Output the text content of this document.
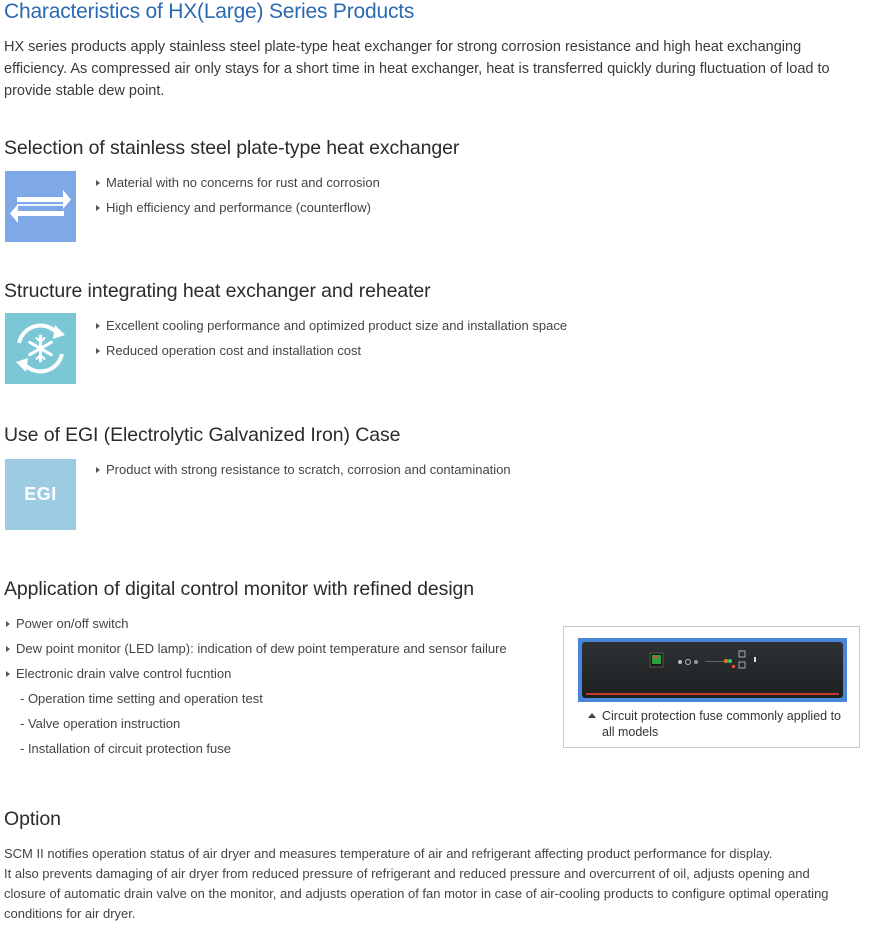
Characteristics of HX(Large) Series Products
HX series products apply stainless steel plate-type heat exchanger for strong corrosion resistance and high heat exchanging efficiency. As compressed air only stays for a short time in heat exchanger, heat is transferred quickly during fluctuation of load to provide stable dew point.
Selection of stainless steel plate-type heat exchanger
Material with no concerns for rust and corrosion
High efficiency and performance (counterflow)
Structure integrating heat exchanger and reheater
Excellent cooling performance and optimized product size and installation space
Reduced operation cost and installation cost
Use of EGI (Electrolytic Galvanized Iron) Case
EGI
Product with strong resistance to scratch, corrosion and contamination
Application of digital control monitor with refined design
Power on/off switch
Dew point monitor (LED lamp): indication of dew point temperature and sensor failure
Electronic drain valve control fucntion
- Operation time setting and operation test
- Valve operation instruction
- Installation of circuit protection fuse
Circuit protection fuse commonly applied to all models
Option
SCM II notifies operation status of air dryer and measures temperature of air and refrigerant affecting product performance for display.
It also prevents damaging of air dryer from reduced pressure of refrigerant and reduced pressure and overcurrent of oil, adjusts opening and closure of automatic drain valve on the monitor, and adjusts operation of fan motor in case of air-cooling products to configure optimal operating conditions for air dryer.
